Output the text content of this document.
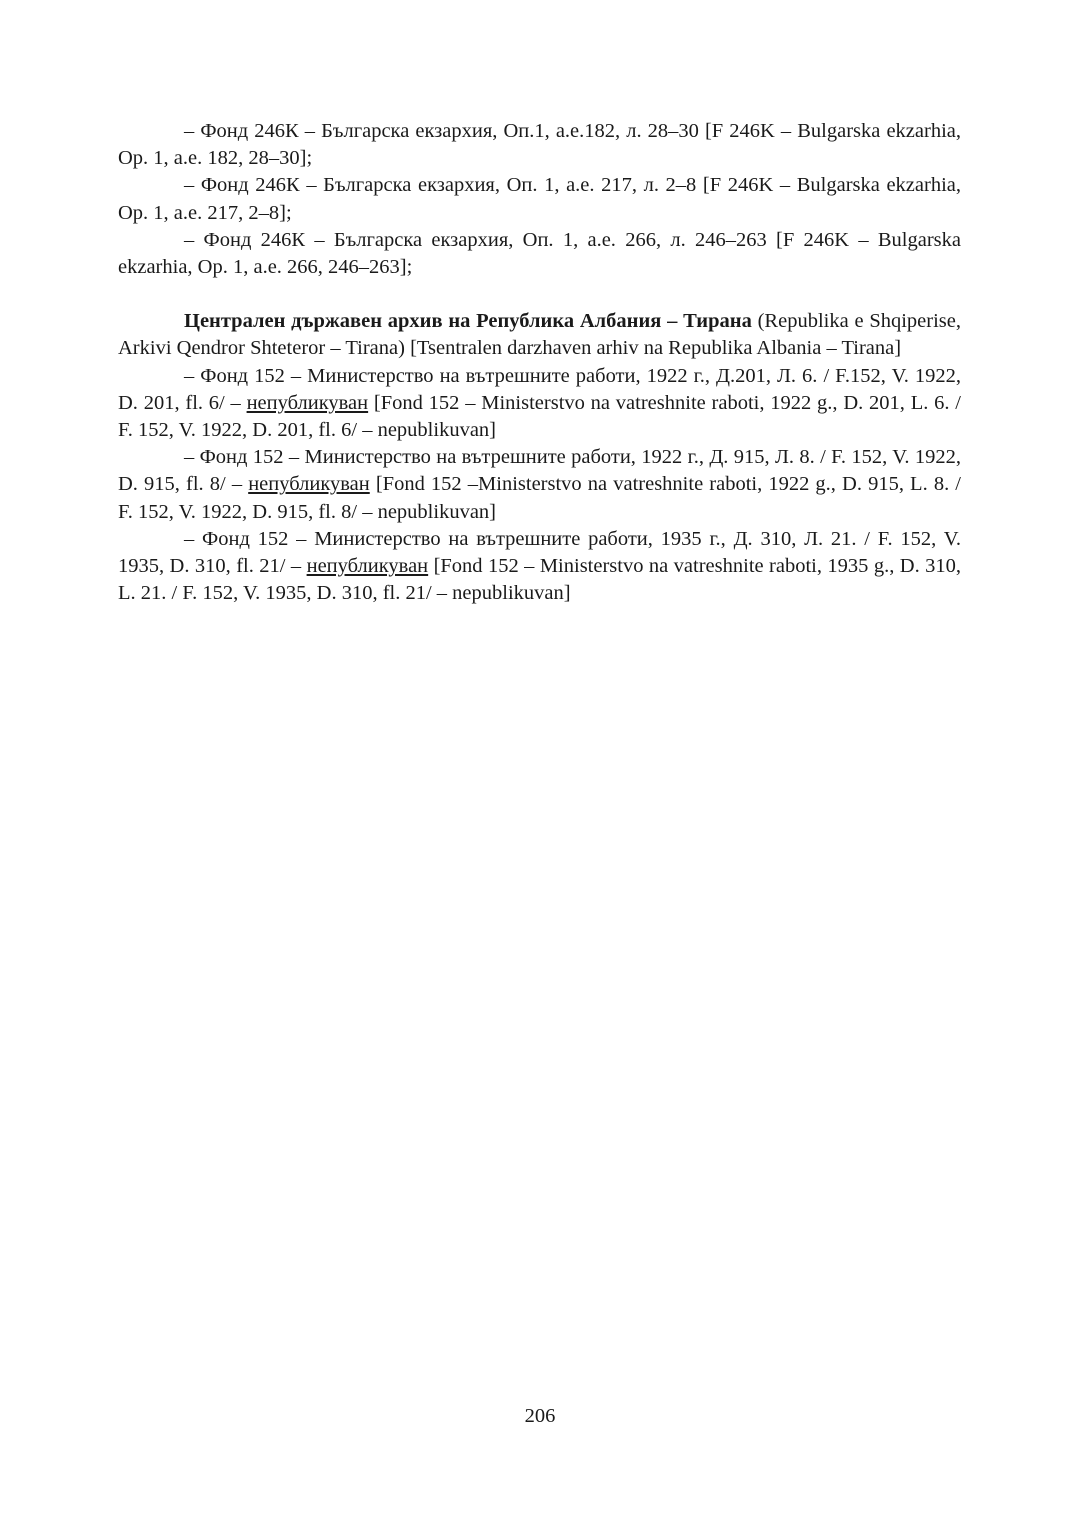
– Фонд 246К – Българска екзархия, Оп.1, а.е.182, л. 28–30 [F 246K – Bulgarska ekzarhia, Op. 1, a.e. 182, 28–30];

– Фонд 246К – Българска екзархия, Оп. 1, а.е. 217, л. 2–8 [F 246K – Bulgarska ekzarhia, Op. 1, a.e. 217, 2–8];

– Фонд 246К – Българска екзархия, Оп. 1, а.е. 266, л. 246–263 [F 246K – Bulgarska ekzarhia, Op. 1, a.e. 266, 246–263];

Централен държавен архив на Република Албания – Тирана (Republika e Shqiperise, Arkivi Qendror Shteteror – Tirana) [Tsentralen darzhaven arhiv na Republika Albania – Tirana]

– Фонд 152 – Министерство на вътрешните работи, 1922 г., Д.201, Л. 6. / F.152, V. 1922, D. 201, fl. 6/ – непубликуван [Fond 152 – Ministerstvo na vatreshnite raboti, 1922 g., D. 201, L. 6. / F. 152, V. 1922, D. 201, fl. 6/ – nepublikuvan]

– Фонд 152 – Министерство на вътрешните работи, 1922 г., Д. 915, Л. 8. / F. 152, V. 1922, D. 915, fl. 8/ – непубликуван [Fond 152 –Ministerstvo na vatreshnite raboti, 1922 g., D. 915, L. 8. / F. 152, V. 1922, D. 915, fl. 8/ – nepublikuvan]

– Фонд 152 – Министерство на вътрешните работи, 1935 г., Д. 310, Л. 21. / F. 152, V. 1935, D. 310, fl. 21/ – непубликуван [Fond 152 – Ministerstvo na vatreshnite raboti, 1935 g., D. 310, L. 21. / F. 152, V. 1935, D. 310, fl. 21/ – nepublikuvan]

206
